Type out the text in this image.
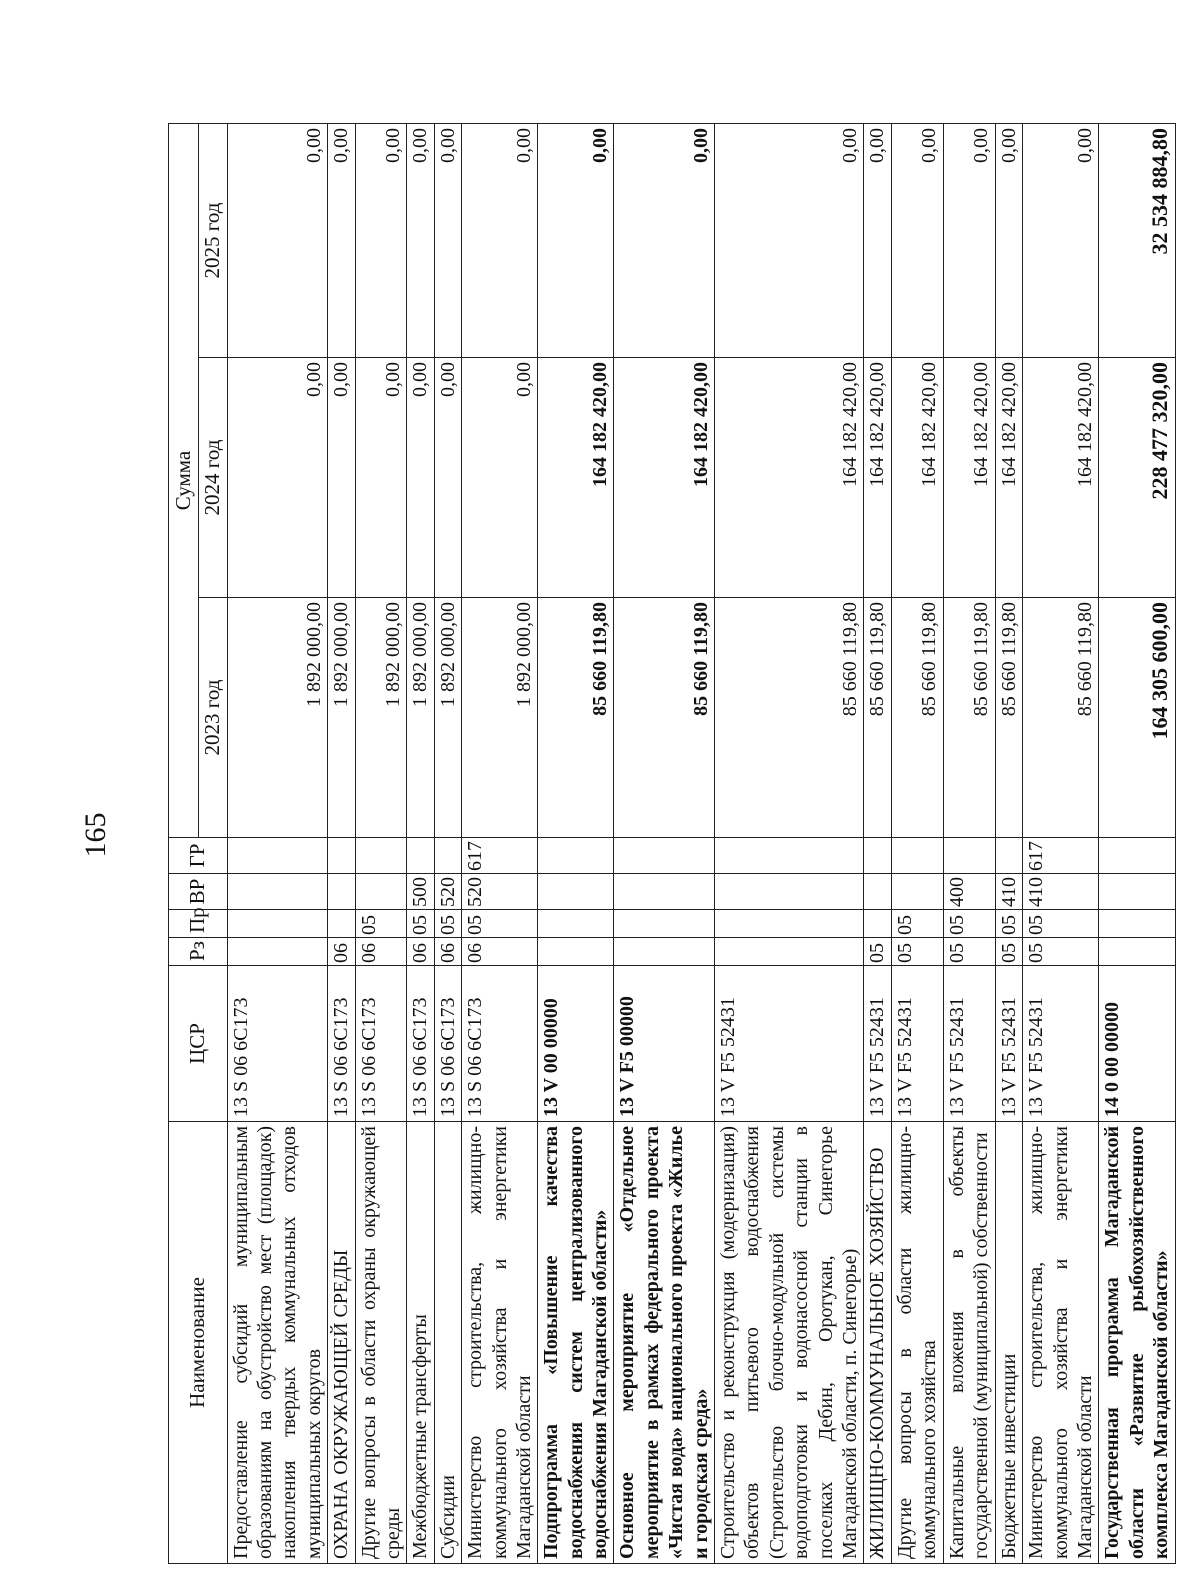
165
Наименование	ЦСР	Рз	Пр	ВР	ГР	Сумма		
						2023 год	2024 год	2025 год
Предоставление субсидий муниципальным образованиям на обустройство мест (площадок) накопления твердых коммунальных отходов муниципальных округов	13 S 06 6C173					1 892 000,00	0,00	0,00
ОХРАНА ОКРУЖАЮЩЕЙ СРЕДЫ	13 S 06 6C173	06				1 892 000,00	0,00	0,00
Другие вопросы в области охраны окружающей среды	13 S 06 6C173	06	05			1 892 000,00	0,00	0,00
Межбюджетные трансферты	13 S 06 6C173	06	05	500		1 892 000,00	0,00	0,00
Субсидии	13 S 06 6C173	06	05	520		1 892 000,00	0,00	0,00
Министерство строительства, жилищно-коммунального хозяйства и энергетики Магаданской области	13 S 06 6C173	06	05	520	617	1 892 000,00	0,00	0,00
Подпрограмма «Повышение качества водоснабжения систем централизованного водоснабжения Магаданской области»	13 V 00 00000					85 660 119,80	164 182 420,00	0,00
Основное мероприятие «Отдельное мероприятие в рамках федерального проекта «Чистая вода» национального проекта «Жилье и городская среда»	13 V F5 00000					85 660 119,80	164 182 420,00	0,00
Строительство и реконструкция (модернизация) объектов питьевого водоснабжения (Строительство блочно-модульной системы водоподготовки и водонасосной станции в поселках Дебин, Оротукан, Синегорье Магаданской области, п. Синегорье)	13 V F5 52431					85 660 119,80	164 182 420,00	0,00
ЖИЛИЩНО-КОММУНАЛЬНОЕ ХОЗЯЙСТВО	13 V F5 52431	05				85 660 119,80	164 182 420,00	0,00
Другие вопросы в области жилищно-коммунального хозяйства	13 V F5 52431	05	05			85 660 119,80	164 182 420,00	0,00
Капитальные вложения в объекты государственной (муниципальной) собственности	13 V F5 52431	05	05	400		85 660 119,80	164 182 420,00	0,00
Бюджетные инвестиции	13 V F5 52431	05	05	410		85 660 119,80	164 182 420,00	0,00
Министерство строительства, жилищно-коммунального хозяйства и энергетики Магаданской области	13 V F5 52431	05	05	410	617	85 660 119,80	164 182 420,00	0,00
Государственная программа Магаданской области «Развитие рыбохозяйственного комплекса Магаданской области»	14 0 00 00000					164 305 600,00	228 477 320,00	32 534 884,80
